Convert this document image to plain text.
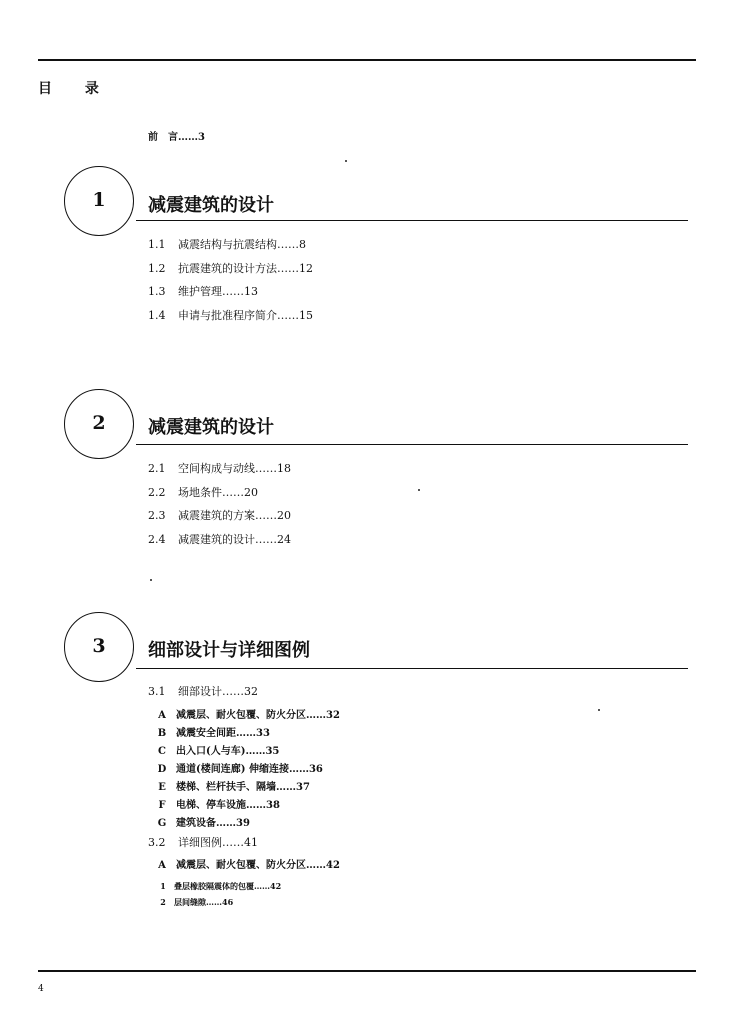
目 录
前　言……3
1	减震建筑的设计
1.1 减震结构与抗震结构……8
1.2 抗震建筑的设计方法……12
1.3 维护管理……13
1.4 申请与批准程序简介……15
2	减震建筑的设计
2.1 空间构成与动线……18
2.2 场地条件……20
2.3 减震建筑的方案……20
2.4 减震建筑的设计……24
3	细部设计与详细图例
3.1 细部设计……32
A 减震层、耐火包覆、防火分区……32
B 减震安全间距……33
C 出入口(人与车)……35
D 通道(楼间连廊) 伸缩连接……36
E 楼梯、栏杆扶手、隔墙……37
F 电梯、停车设施……38
G 建筑设备……39
3.2 详细图例……41
A 减震层、耐火包覆、防火分区……42
1 叠层橡胶隔震体的包覆……42
2 层间缝隙……46
4
